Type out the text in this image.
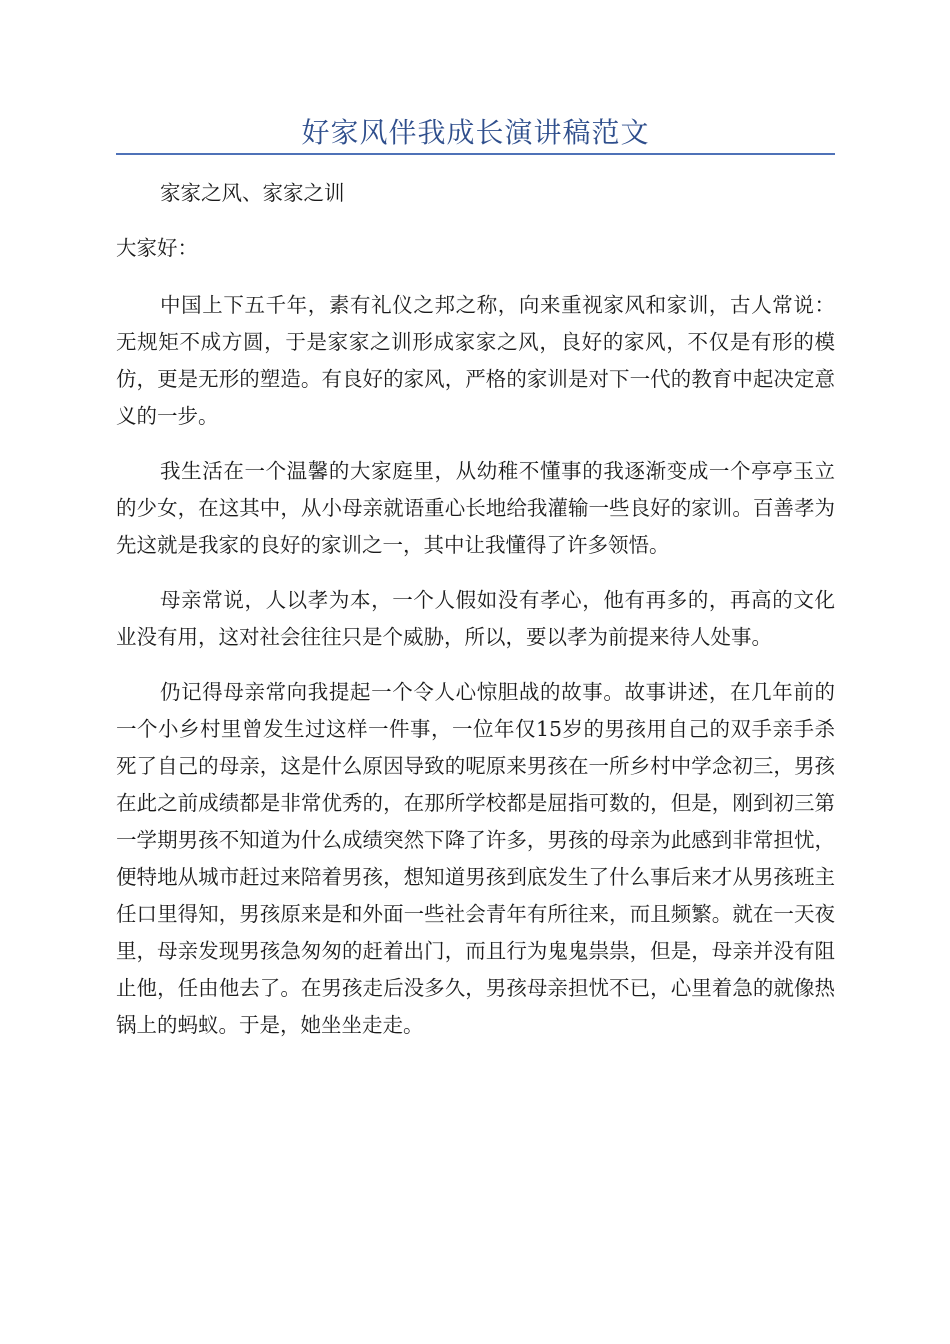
好家风伴我成长演讲稿范文

家家之风、家家之训

大家好：

中国上下五千年，素有礼仪之邦之称，向来重视家风和家训，古人常说：无规矩不成方圆，于是家家之训形成家家之风，良好的家风，不仅是有形的模仿，更是无形的塑造。有良好的家风，严格的家训是对下一代的教育中起决定意义的一步。

我生活在一个温馨的大家庭里，从幼稚不懂事的我逐渐变成一个亭亭玉立的少女，在这其中，从小母亲就语重心长地给我灌输一些良好的家训。百善孝为先这就是我家的良好的家训之一，其中让我懂得了许多领悟。

母亲常说，人以孝为本，一个人假如没有孝心，他有再多的，再高的文化业没有用，这对社会往往只是个威胁，所以，要以孝为前提来待人处事。

仍记得母亲常向我提起一个令人心惊胆战的故事。故事讲述，在几年前的一个小乡村里曾发生过这样一件事，一位年仅15岁的男孩用自己的双手亲手杀死了自己的母亲，这是什么原因导致的呢原来男孩在一所乡村中学念初三，男孩在此之前成绩都是非常优秀的，在那所学校都是屈指可数的，但是，刚到初三第一学期男孩不知道为什么成绩突然下降了许多，男孩的母亲为此感到非常担忧，便特地从城市赶过来陪着男孩，想知道男孩到底发生了什么事后来才从男孩班主任口里得知，男孩原来是和外面一些社会青年有所往来，而且频繁。就在一天夜里，母亲发现男孩急匆匆的赶着出门，而且行为鬼鬼祟祟，但是，母亲并没有阻止他，任由他去了。在男孩走后没多久，男孩母亲担忧不已，心里着急的就像热锅上的蚂蚁。于是，她坐坐走走。
